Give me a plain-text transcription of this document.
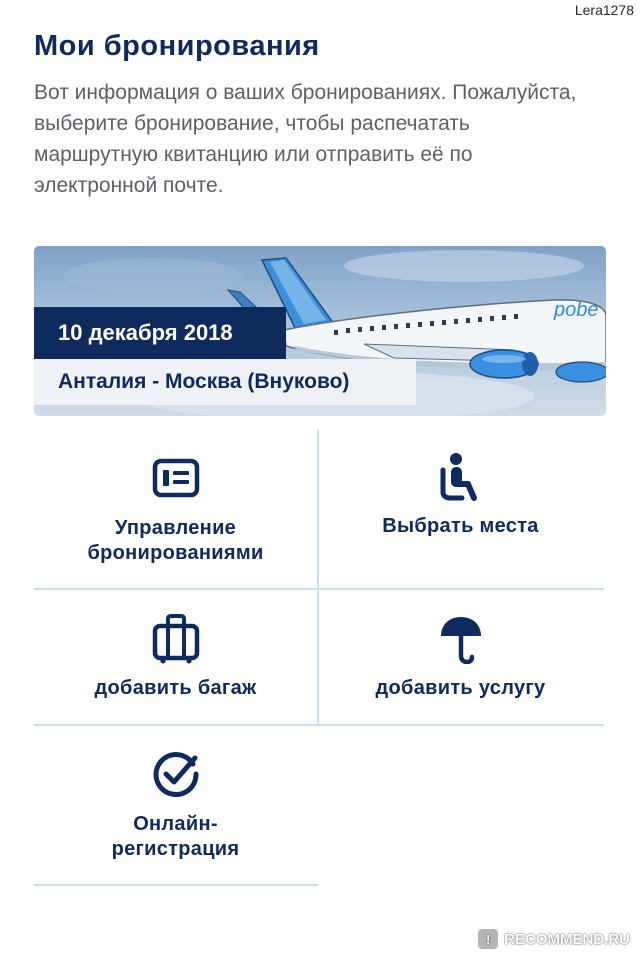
Lera1278
Мои бронирования

Вот информация о ваших бронированиях. Пожалуйста, выберите бронирование, чтобы распечатать маршрутную квитанцию или отправить её по электронной почте.

pobe
10 декабря 2018
Анталия - Москва (Внуково)
Управление
бронированиями
Выбрать места
добавить багаж	добавить услугу
Онлайн-
регистрация
! RECOMMEND.RU
